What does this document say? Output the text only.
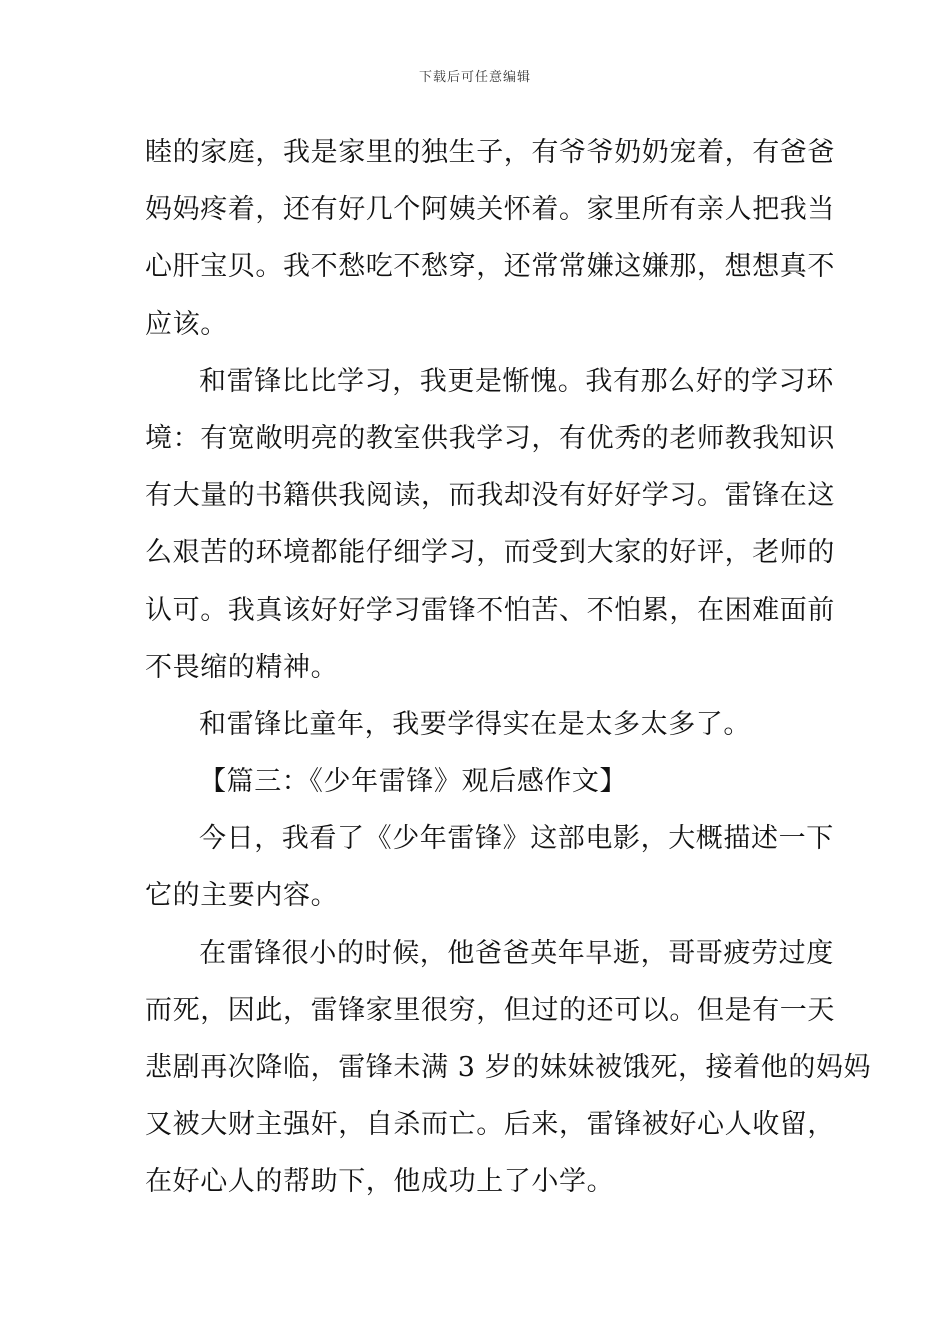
下载后可任意编辑
睦的家庭，我是家里的独生子，有爷爷奶奶宠着，有爸爸
妈妈疼着，还有好几个阿姨关怀着。家里所有亲人把我当
心肝宝贝。我不愁吃不愁穿，还常常嫌这嫌那，想想真不
应该。
和雷锋比比学习，我更是惭愧。我有那么好的学习环
境：有宽敞明亮的教室供我学习，有优秀的老师教我知识
有大量的书籍供我阅读，而我却没有好好学习。雷锋在这
么艰苦的环境都能仔细学习，而受到大家的好评，老师的
认可。我真该好好学习雷锋不怕苦、不怕累，在困难面前
不畏缩的精神。
和雷锋比童年，我要学得实在是太多太多了。
【篇三：《少年雷锋》观后感作文】
今日，我看了《少年雷锋》这部电影，大概描述一下
它的主要内容。
在雷锋很小的时候，他爸爸英年早逝，哥哥疲劳过度
而死，因此，雷锋家里很穷，但过的还可以。但是有一天
悲剧再次降临，雷锋未满 3 岁的妹妹被饿死，接着他的妈妈
又被大财主强奸，自杀而亡。后来，雷锋被好心人收留，
在好心人的帮助下，他成功上了小学。
